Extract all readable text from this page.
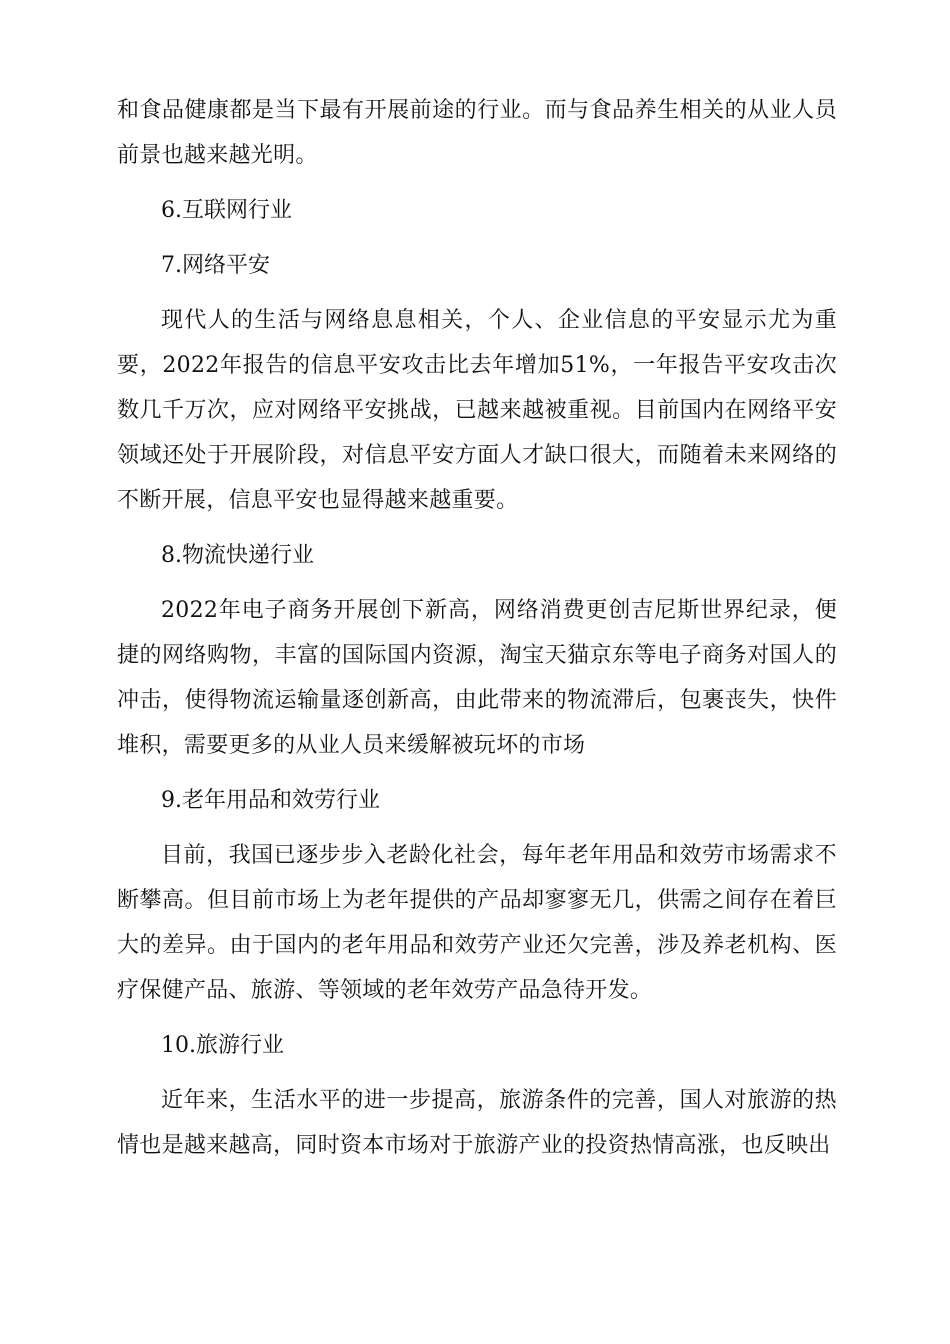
和食品健康都是当下最有开展前途的行业。而与食品养生相关的从业人员前景也越来越光明。

6.互联网行业

7.网络平安

现代人的生活与网络息息相关，个人、企业信息的平安显示尤为重要，2022年报告的信息平安攻击比去年增加51%，一年报告平安攻击次数几千万次，应对网络平安挑战，已越来越被重视。目前国内在网络平安领域还处于开展阶段，对信息平安方面人才缺口很大，而随着未来网络的不断开展，信息平安也显得越来越重要。

8.物流快递行业

2022年电子商务开展创下新高，网络消费更创吉尼斯世界纪录，便捷的网络购物，丰富的国际国内资源，淘宝天猫京东等电子商务对国人的冲击，使得物流运输量逐创新高，由此带来的物流滞后，包裹丧失，快件堆积，需要更多的从业人员来缓解被玩坏的市场

9.老年用品和效劳行业

目前，我国已逐步步入老龄化社会，每年老年用品和效劳市场需求不断攀高。但目前市场上为老年提供的产品却寥寥无几，供需之间存在着巨大的差异。由于国内的老年用品和效劳产业还欠完善，涉及养老机构、医疗保健产品、旅游、等领域的老年效劳产品急待开发。

10.旅游行业

近年来，生活水平的进一步提高，旅游条件的完善，国人对旅游的热情也是越来越高，同时资本市场对于旅游产业的投资热情高涨，也反映出
